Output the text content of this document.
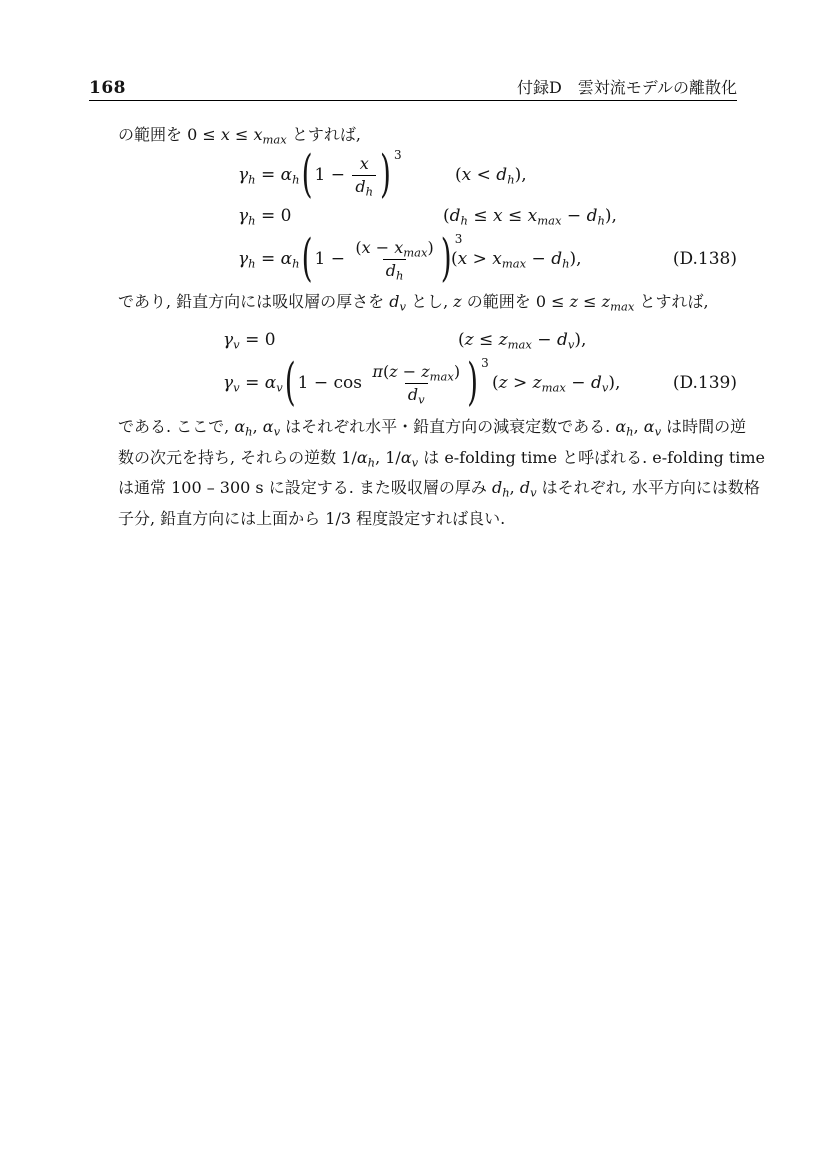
168	付録D　雲対流モデルの離散化
の範囲を $0 \le x \le x_{max}$ とすれば,
$\gamma_h = \alpha_h$ ( $1 - \frac{x}{d_h}$ ) 3
$(x < d_h)$,
$\gamma_h = 0$	$(d_h \le x \le x_{max} - d_h)$,
$\gamma_h = \alpha_h$ ( $1 - \frac{(x - x_{max})}{d_h}$ ) 3
$(x > x_{max} - d_h)$,	(D.138)
であり, 鉛直方向には吸収層の厚さを $d_v$ とし, z の範囲を $0 \le z \le z_{max}$ とすれば,
$\gamma_v = 0$	$(z \le z_{max} - d_v)$,
$\gamma_v = \alpha_v$ ( $1 - \cos \frac{\pi(z - z_{max})}{d_v}$ ) 3
$(z > z_{max} - d_v)$,	(D.139)
である. ここで, $\alpha_h$, $\alpha_v$ はそれぞれ水平・鉛直方向の減衰定数である. $\alpha_h$, $\alpha_v$ は時間の逆
数の次元を持ち, それらの逆数 $1/\alpha_h$, $1/\alpha_v$ は e-folding time と呼ばれる. e-folding time
は通常 100 – 300 s に設定する. また吸収層の厚み $d_h$, $d_v$ はそれぞれ, 水平方向には数格
子分, 鉛直方向には上面から 1/3 程度設定すれば良い.
